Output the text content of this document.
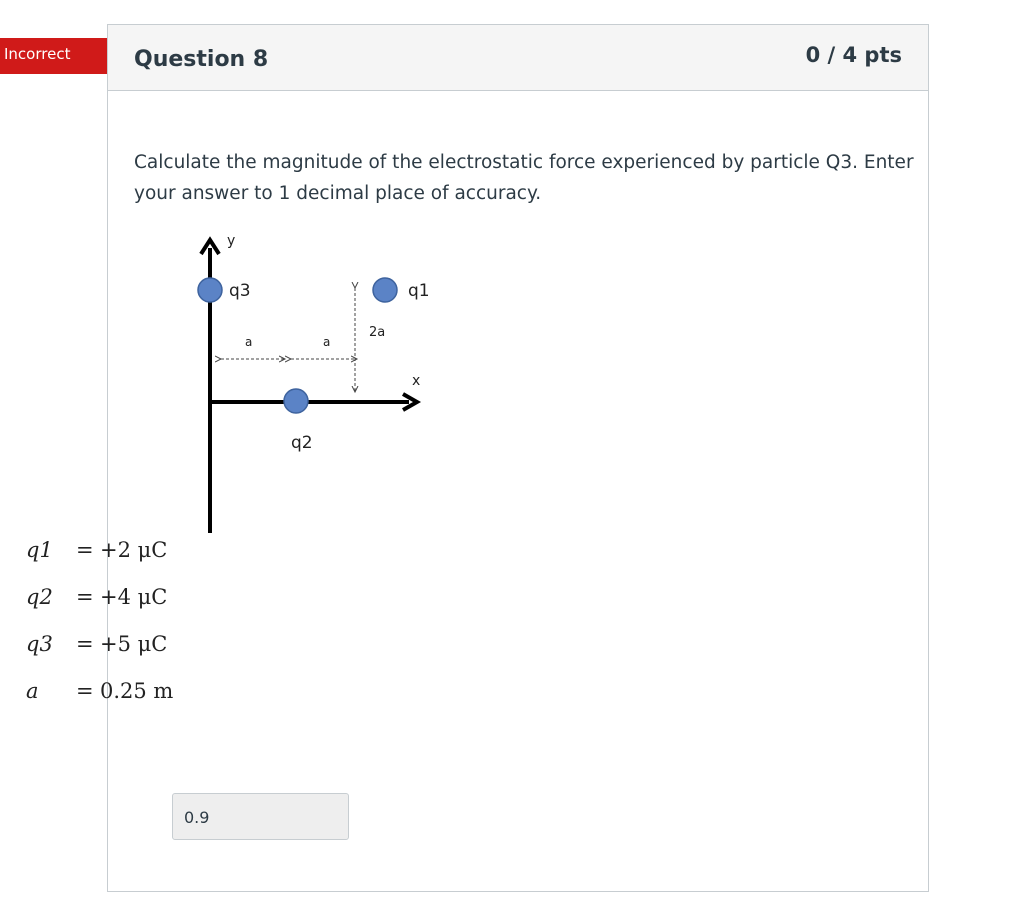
Incorrect	Question 8	0 / 4 pts
Calculate the magnitude of the electrostatic force experienced by particle Q3. Enter your answer to 1 decimal place of accuracy.
y
x
q3	q1
q2
a	a
2a
q1 = +2 μC
q2 = +4 μC
q3 = +5 μC
a = 0.25 m
0.9
